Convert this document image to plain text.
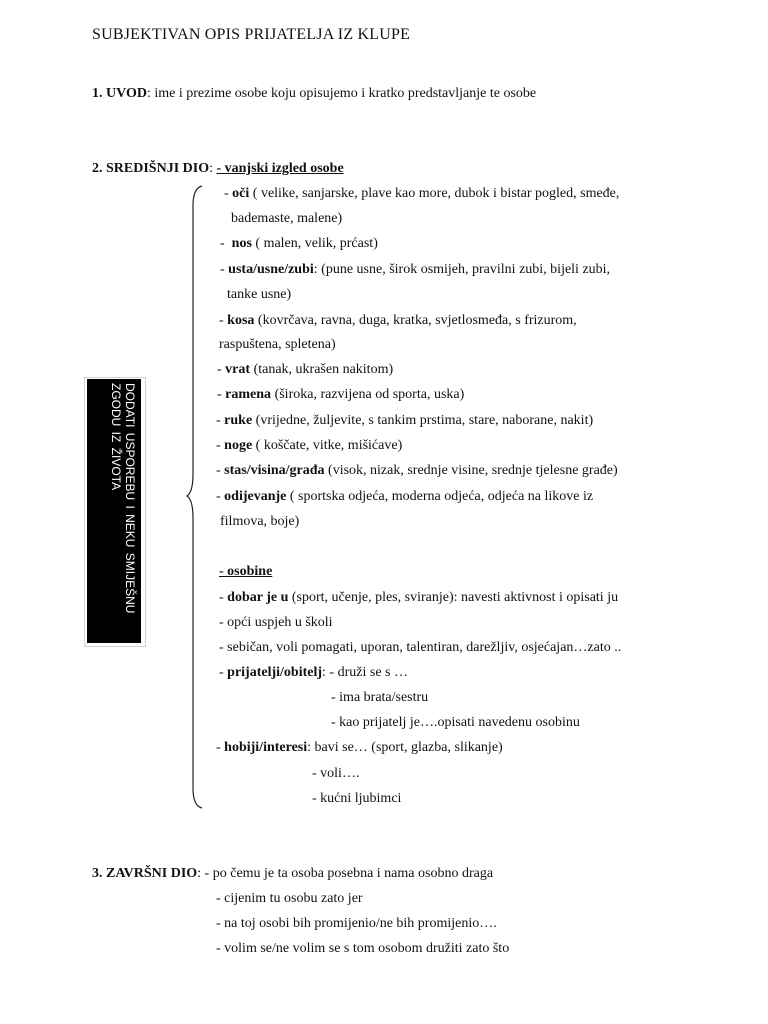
SUBJEKTIVAN OPIS PRIJATELJA IZ KLUPE
1. UVOD: ime i prezime osobe koju opisujemo i kratko predstavljanje te osobe
2. SREDIŠNJI DIO: - vanjski izgled osobe
- oči ( velike, sanjarske, plave kao more, dubok i bistar pogled, smeđe,
bademaste, malene)
-  nos ( malen, velik, prćast)
- usta/usne/zubi: (pune usne, širok osmijeh, pravilni zubi, bijeli zubi,
tanke usne)
- kosa (kovrčava, ravna, duga, kratka, svjetlosmeđa, s frizurom,
raspuštena, spletena)
- vrat (tanak, ukrašen nakitom)
- ramena (široka, razvijena od sporta, uska)
- ruke (vrijedne, žuljevite, s tankim prstima, stare, naborane, nakit)
- noge ( koščate, vitke, mišićave)
- stas/visina/građa (visok, nizak, srednje visine, srednje tjelesne građe)
- odijevanje ( sportska odjeća, moderna odjeća, odjeća na likove iz
filmova, boje)
DODATI USPOREBU I NEKU SMIJEŠNU ZGODU IZ ŽIVOTA
- osobine
- dobar je u (sport, učenje, ples, sviranje): navesti aktivnost i opisati ju
- opći uspjeh u školi
- sebičan, voli pomagati, uporan, talentiran, darežljiv, osjećajan…zato ..
- prijatelji/obitelj: - druži se s …
- ima brata/sestru
- kao prijatelj je….opisati navedenu osobinu
- hobiji/interesi: bavi se… (sport, glazba, slikanje)
- voli….
- kućni ljubimci
3. ZAVRŠNI DIO: - po čemu je ta osoba posebna i nama osobno draga
- cijenim tu osobu zato jer
- na toj osobi bih promijenio/ne bih promijenio….
- volim se/ne volim se s tom osobom družiti zato što
